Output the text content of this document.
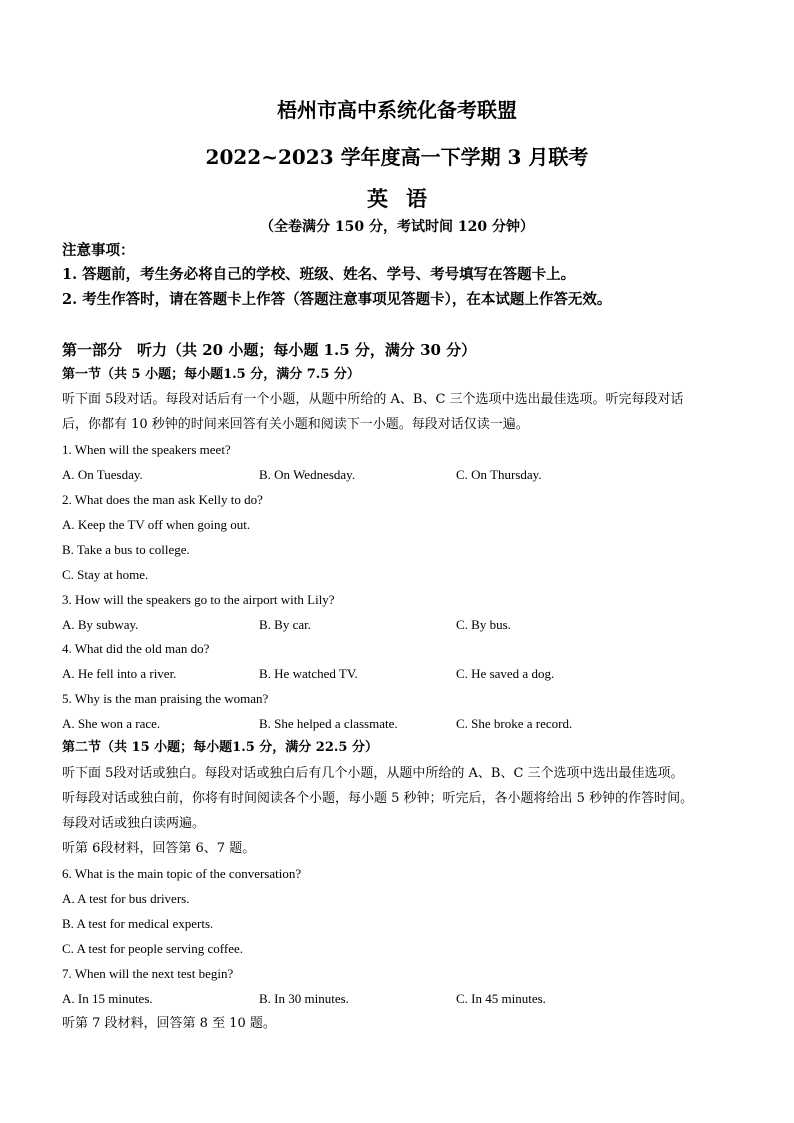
梧州市高中系统化备考联盟
2022~2023 学年度高一下学期 3 月联考
英语
（全卷满分 150 分，考试时间 120 分钟）
注意事项：
1. 答题前，考生务必将自己的学校、班级、姓名、学号、考号填写在答题卡上。
2. 考生作答时，请在答题卡上作答（答题注意事项见答题卡），在本试题上作答无效。
第一部分　听力（共 20 小题；每小题 1.5 分，满分 30 分）
第一节（共 5 小题；每小题1.5 分，满分 7.5 分）
听下面 5段对话。每段对话后有一个小题，从题中所给的 A、B、C 三个选项中选出最佳选项。听完每段对话
后，你都有 10 秒钟的时间来回答有关小题和阅读下一小题。每段对话仅读一遍。
1. When will the speakers meet?
A. On Tuesday.	B. On Wednesday.	C. On Thursday.
2. What does the man ask Kelly to do?
A. Keep the TV off when going out.
B. Take a bus to college.
C. Stay at home.
3. How will the speakers go to the airport with Lily?
A. By subway.	B. By car.	C. By bus.
4. What did the old man do?
A. He fell into a river.	B. He watched TV.	C. He saved a dog.
5. Why is the man praising the woman?
A. She won a race.	B. She helped a classmate.	C. She broke a record.
第二节（共 15 小题；每小题1.5 分，满分 22.5 分）
听下面 5段对话或独白。每段对话或独白后有几个小题，从题中所给的 A、B、C 三个选项中选出最佳选项。
听每段对话或独白前，你将有时间阅读各个小题，每小题 5 秒钟；听完后，各小题将给出 5 秒钟的作答时间。
每段对话或独白读两遍。
听第 6段材料，回答第 6、7 题。
6. What is the main topic of the conversation?
A. A test for bus drivers.
B. A test for medical experts.
C. A test for people serving coffee.
7. When will the next test begin?
A. In 15 minutes.	B. In 30 minutes.	C. In 45 minutes.
听第 7 段材料，回答第 8 至 10 题。
